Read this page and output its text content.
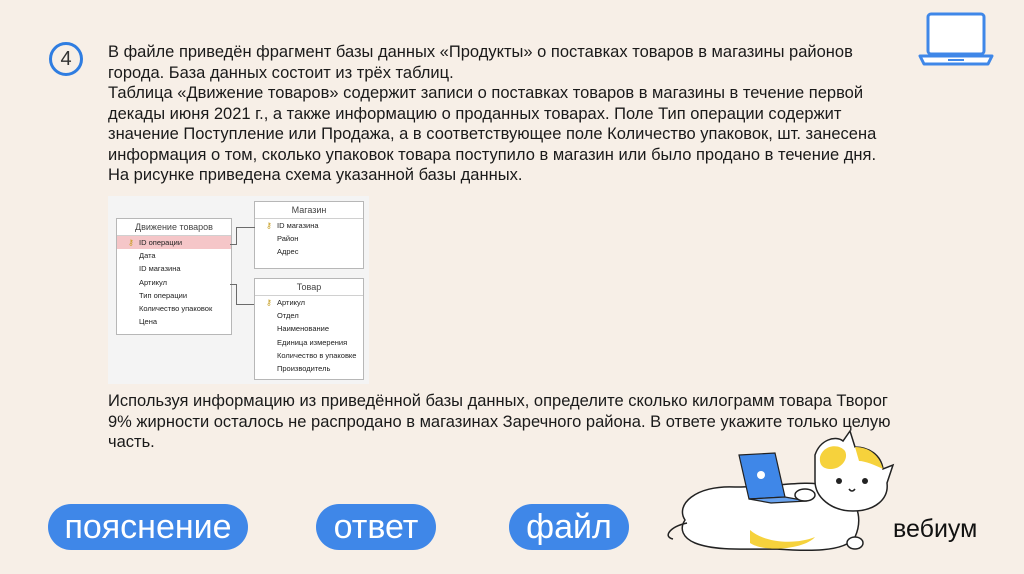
4 В файле приведён фрагмент базы данных «Продукты» о поставках товаров в магазины районов города. База данных состоит из трёх таблиц.

Таблица «Движение товаров» содержит записи о поставках товаров в магазины в течение первой декады июня 2021 г., а также информацию о проданных товарах. Поле Тип операции содержит значение Поступление или Продажа, а в соответствующее поле Количество упаковок, шт. занесена информация о том, сколько упаковок товара поступило в магазин или было продано в течение дня. На рисунке приведена схема указанной базы данных.

Движение товаров
⚷ ID операции
Дата
ID магазина
Артикул
Тип операции
Количество упаковок
Цена
Магазин
⚷ ID магазина
Район
Адрес
Товар
⚷ Артикул
Отдел
Наименование
Единица измерения
Количество в упаковке
Производитель
Используя информацию из приведённой базы данных, определите сколько килограмм товара Творог 9% жирности осталось не распродано в магазинах Заречного района. В ответе укажите только целую часть.
пояснение	ответ	файл	вебиум
